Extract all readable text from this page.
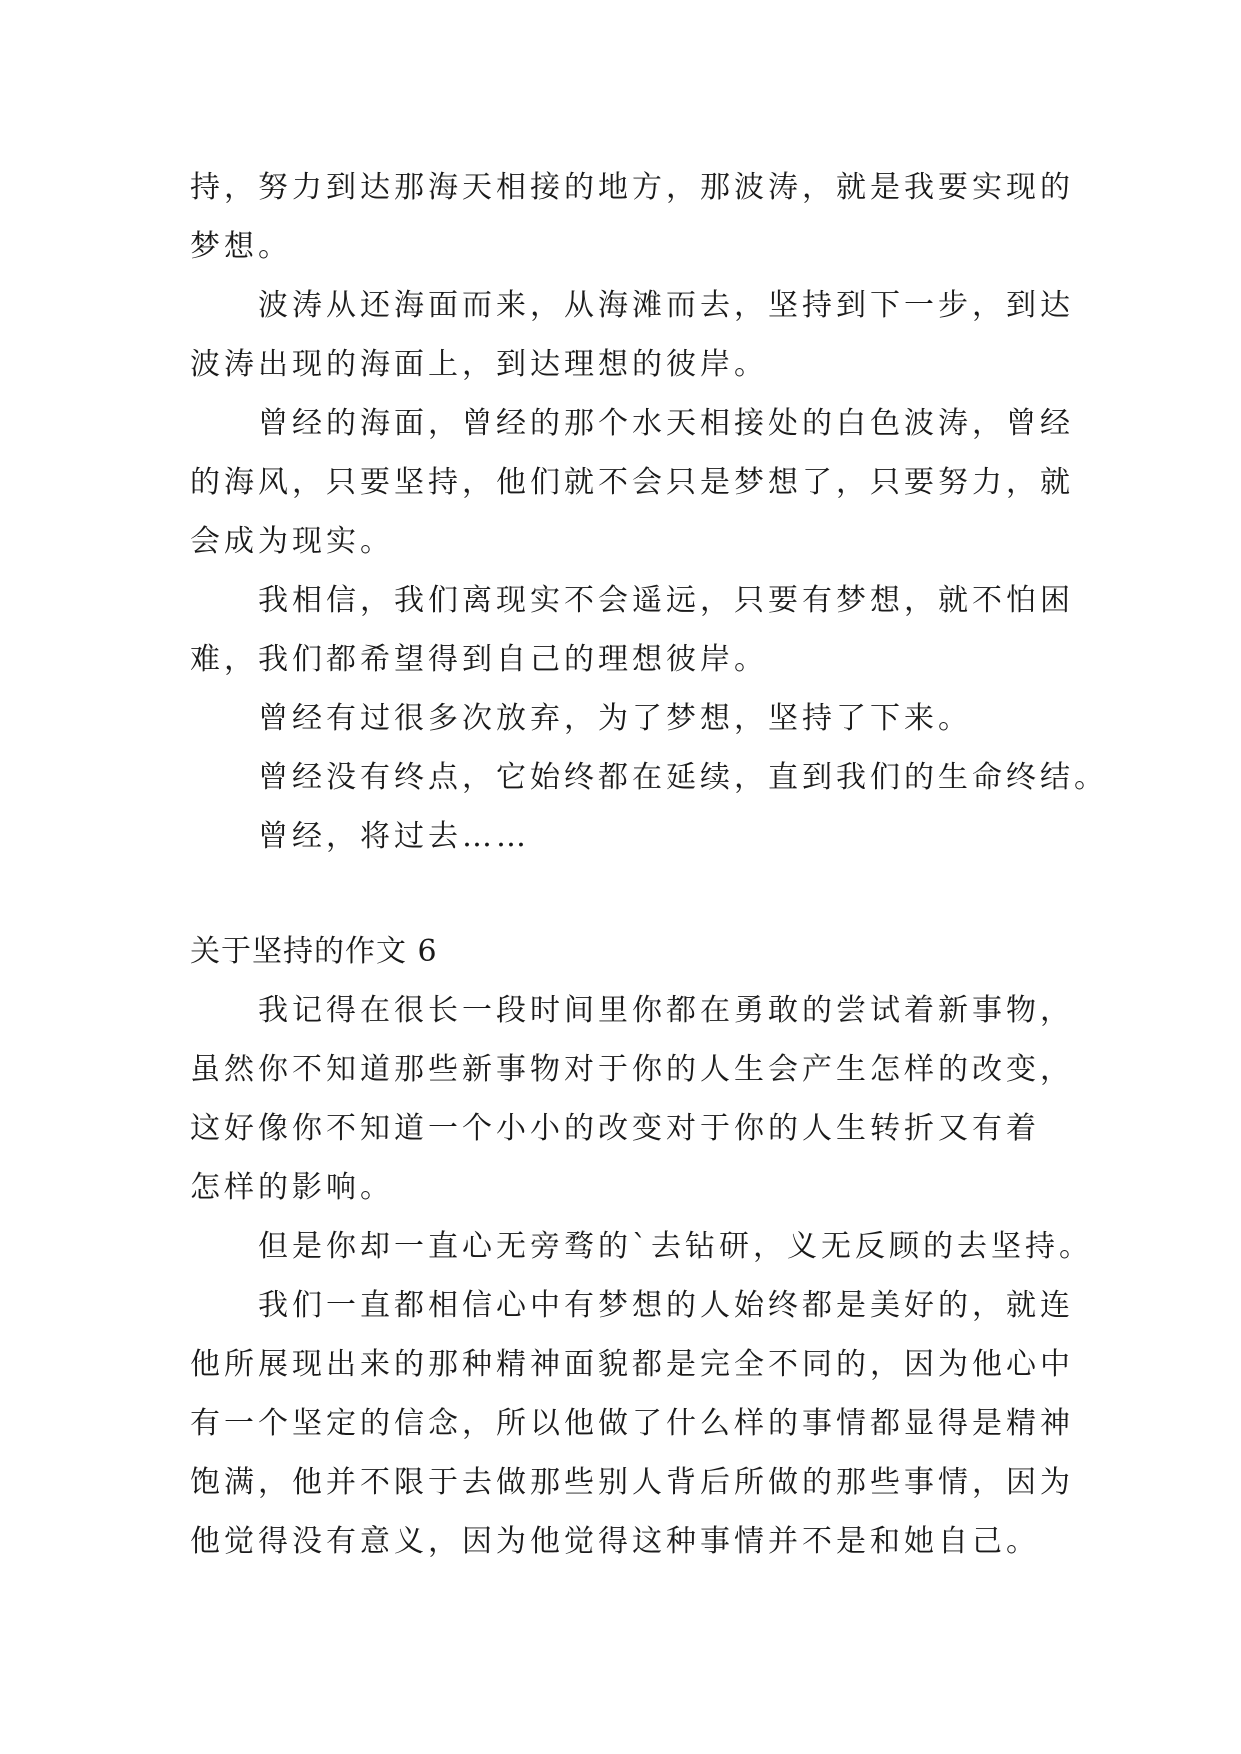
持，努力到达那海天相接的地方，那波涛，就是我要实现的
梦想。
波涛从还海面而来，从海滩而去，坚持到下一步，到达
波涛出现的海面上，到达理想的彼岸。
曾经的海面，曾经的那个水天相接处的白色波涛，曾经
的海风，只要坚持，他们就不会只是梦想了，只要努力，就
会成为现实。
我相信，我们离现实不会遥远，只要有梦想，就不怕困
难，我们都希望得到自己的理想彼岸。
曾经有过很多次放弃，为了梦想，坚持了下来。
曾经没有终点，它始终都在延续，直到我们的生命终结。
曾经，将过去……
关于坚持的作文 6
我记得在很长一段时间里你都在勇敢的尝试着新事物，
虽然你不知道那些新事物对于你的人生会产生怎样的改变，
这好像你不知道一个小小的改变对于你的人生转折又有着
怎样的影响。
但是你却一直心无旁骛的`去钻研，义无反顾的去坚持。
我们一直都相信心中有梦想的人始终都是美好的，就连
他所展现出来的那种精神面貌都是完全不同的，因为他心中
有一个坚定的信念，所以他做了什么样的事情都显得是精神
饱满，他并不限于去做那些别人背后所做的那些事情，因为
他觉得没有意义，因为他觉得这种事情并不是和她自己。
